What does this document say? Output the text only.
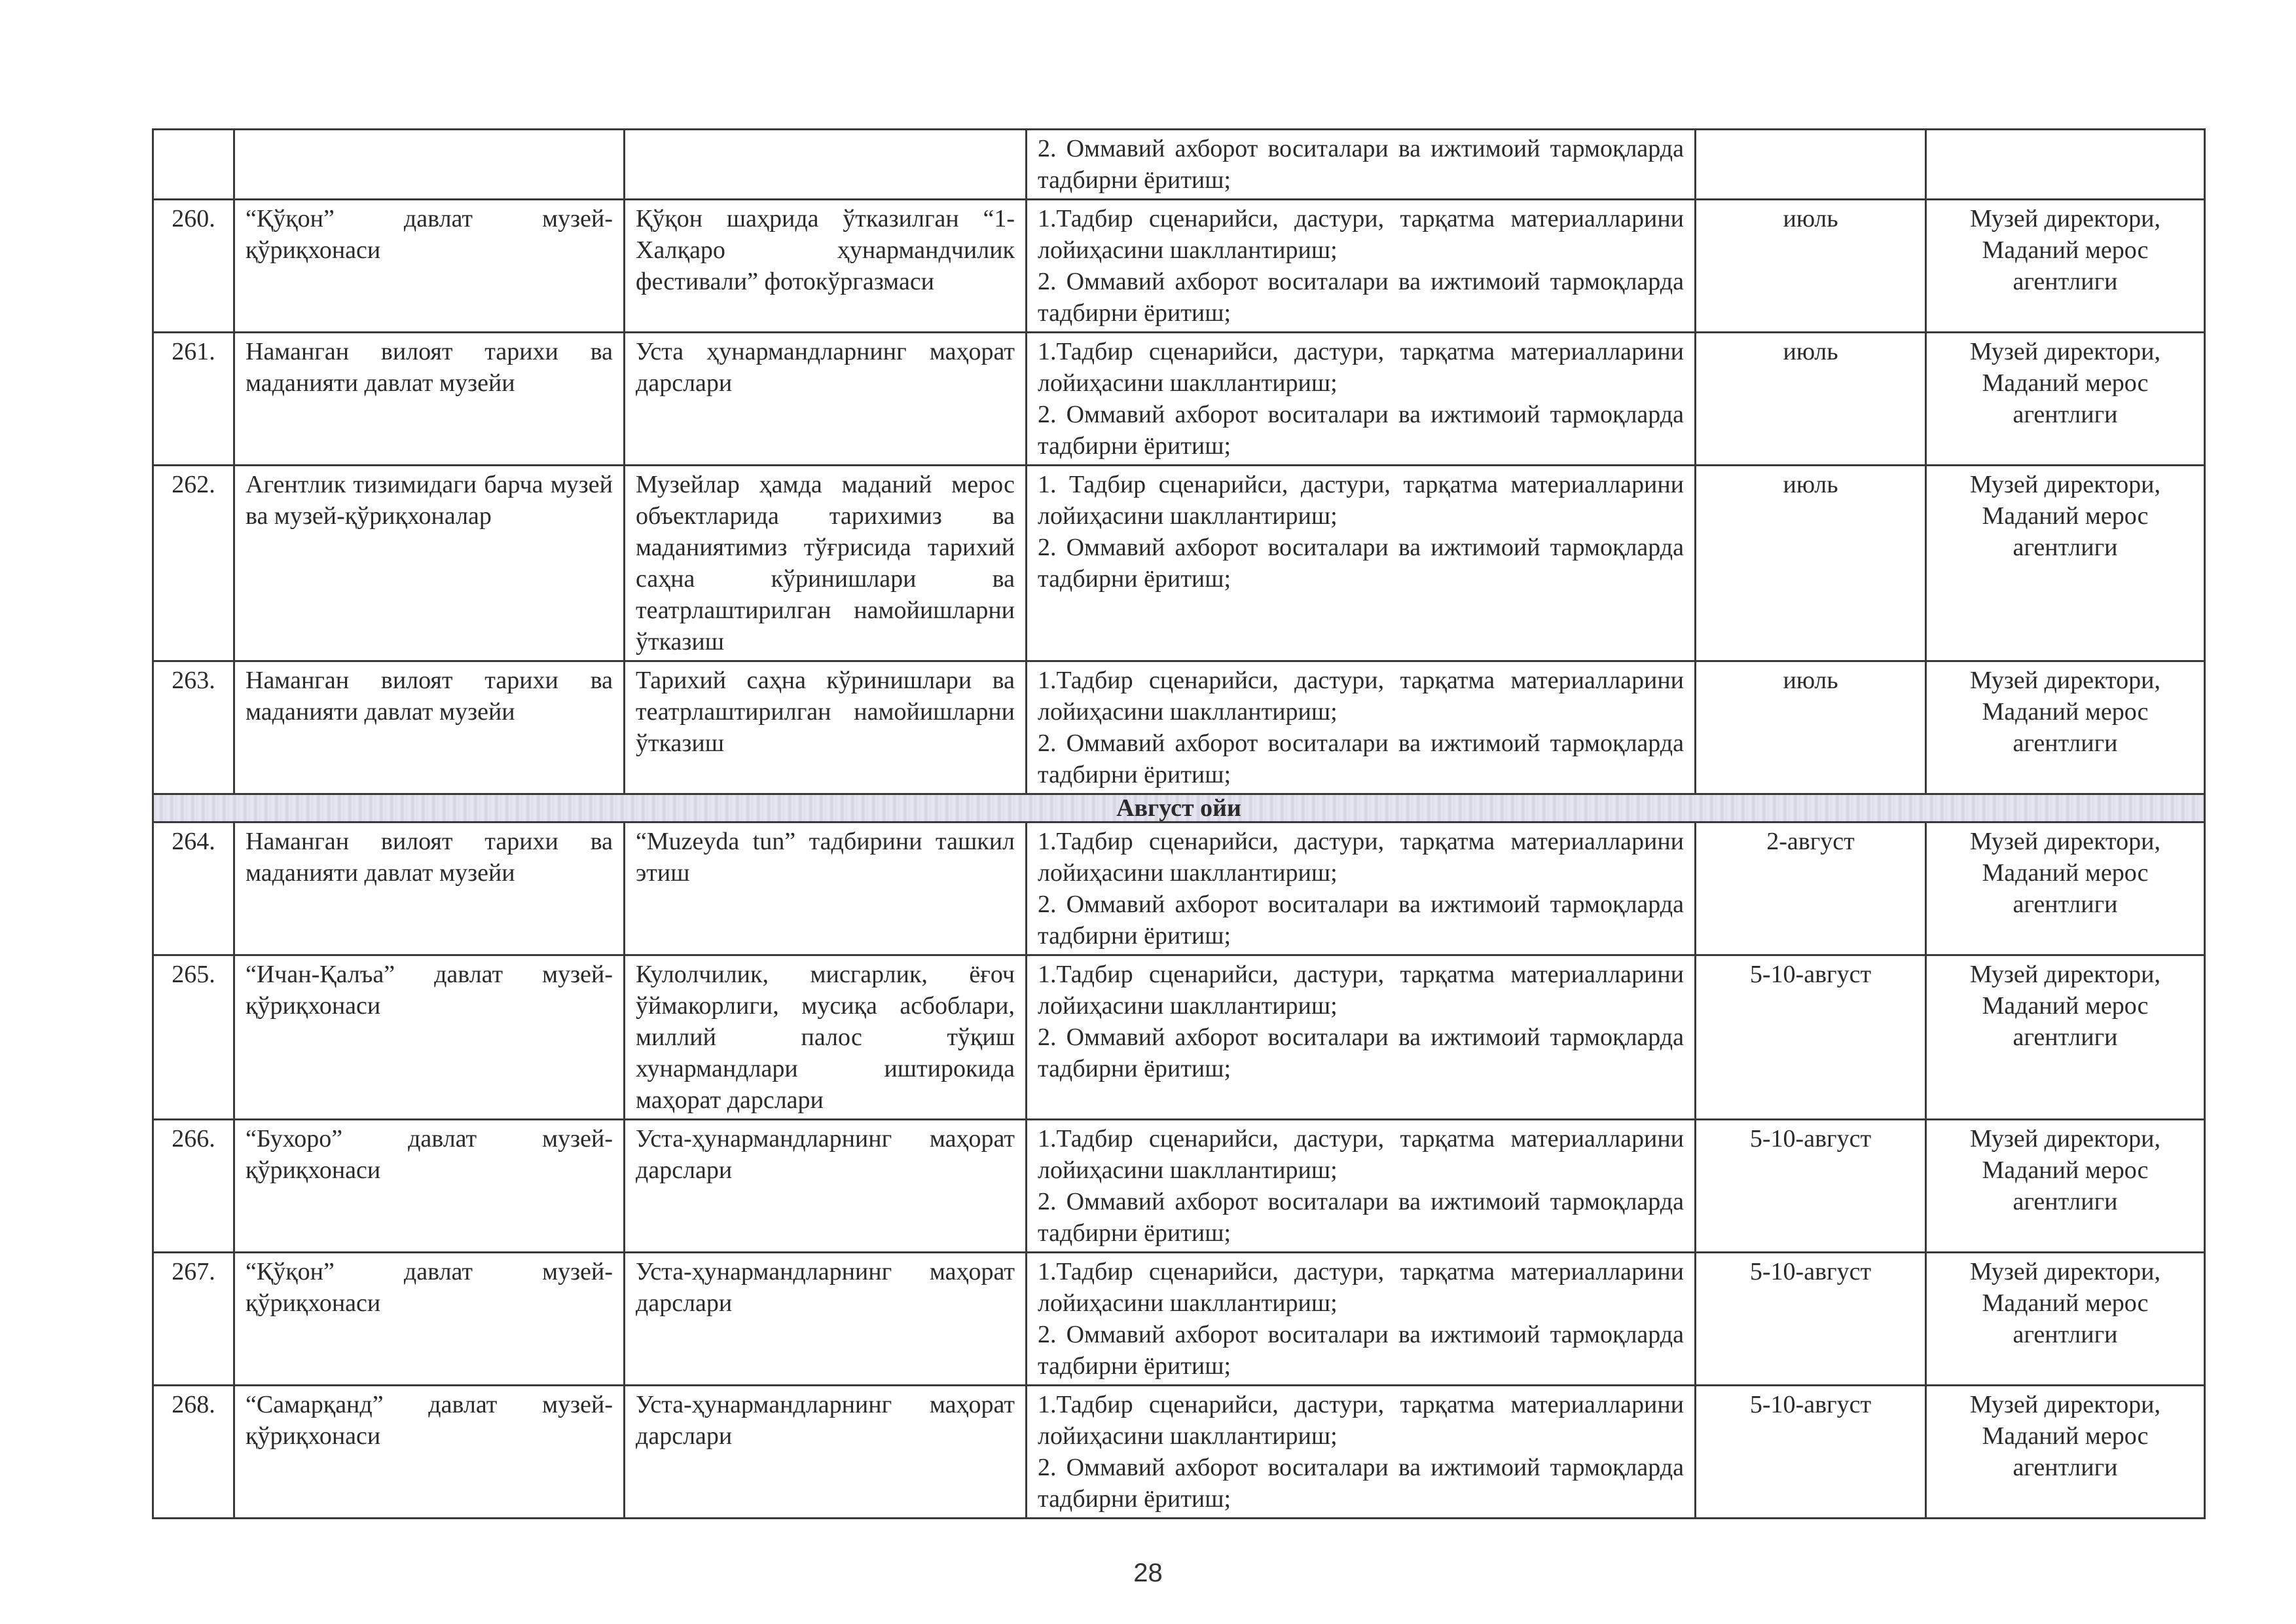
			2. Оммавий ахборот воситалари ва ижтимоий тармоқларда тадбирни ёритиш;		

260.	“Қўқон” давлат музей-қўриқхонаси	Қўқон шаҳрида ўтказилган “1-Халқаро ҳунармандчилик фестивали” фотокўргазмаси	1.Тадбир сценарийси, дастури, тарқатма материалларини лойиҳасини шакллантириш;
2. Оммавий ахборот воситалари ва ижтимоий тармоқларда тадбирни ёритиш;	июль	Музей директори, Маданий мерос агентлиги
261.	Наманган вилоят тарихи ва маданияти давлат музейи	Уста ҳунармандларнинг маҳорат дарслари	1.Тадбир сценарийси, дастури, тарқатма материалларини лойиҳасини шакллантириш;
2. Оммавий ахборот воситалари ва ижтимоий тармоқларда тадбирни ёритиш;	июль	Музей директори, Маданий мерос агентлиги
262.	Агентлик тизимидаги барча музей ва музей-қўриқхоналар	Музейлар ҳамда маданий мерос объектларида тарихимиз ва маданиятимиз тўғрисида тарихий саҳна кўринишлари ва театрлаштирилган намойишларни ўтказиш	1. Тадбир сценарийси, дастури, тарқатма материалларини лойиҳасини шакллантириш;
2. Оммавий ахборот воситалари ва ижтимоий тармоқларда тадбирни ёритиш;	июль	Музей директори, Маданий мерос агентлиги
263.	Наманган вилоят тарихи ва маданияти давлат музейи	Тарихий саҳна кўринишлари ва театрлаштирилган намойишларни ўтказиш	1.Тадбир сценарийси, дастури, тарқатма материалларини лойиҳасини шакллантириш;
2. Оммавий ахборот воситалари ва ижтимоий тармоқларда тадбирни ёритиш;	июль	Музей директори, Маданий мерос агентлиги
Август ойи					
264.	Наманган вилоят тарихи ва маданияти давлат музейи	“Muzeyda tun” тадбирини ташкил этиш	1.Тадбир сценарийси, дастури, тарқатма материалларини лойиҳасини шакллантириш;
2. Оммавий ахборот воситалари ва ижтимоий тармоқларда тадбирни ёритиш;	2-август	Музей директори, Маданий мерос агентлиги
265.	“Ичан-Қалъа” давлат музей-қўриқхонаси	Кулолчилик, мисгарлик, ёғоч ўймакорлиги, мусиқа асбоблари, миллий палос тўқиш хунармандлари иштирокида маҳорат дарслари	1.Тадбир сценарийси, дастури, тарқатма материалларини лойиҳасини шакллантириш;
2. Оммавий ахборот воситалари ва ижтимоий тармоқларда тадбирни ёритиш;	5-10-август	Музей директори, Маданий мерос агентлиги
266.	“Бухоро” давлат музей-қўриқхонаси	Уста-ҳунармандларнинг маҳорат дарслари	1.Тадбир сценарийси, дастури, тарқатма материалларини лойиҳасини шакллантириш;
2. Оммавий ахборот воситалари ва ижтимоий тармоқларда тадбирни ёритиш;	5-10-август	Музей директори, Маданий мерос агентлиги
267.	“Қўқон” давлат музей-қўриқхонаси	Уста-ҳунармандларнинг маҳорат дарслари	1.Тадбир сценарийси, дастури, тарқатма материалларини лойиҳасини шакллантириш;
2. Оммавий ахборот воситалари ва ижтимоий тармоқларда тадбирни ёритиш;	5-10-август	Музей директори, Маданий мерос агентлиги
268.	“Самарқанд” давлат музей-қўриқхонаси	Уста-ҳунармандларнинг маҳорат дарслари	1.Тадбир сценарийси, дастури, тарқатма материалларини лойиҳасини шакллантириш;
2. Оммавий ахборот воситалари ва ижтимоий тармоқларда тадбирни ёритиш;	5-10-август	Музей директори, Маданий мерос агентлиги
28
